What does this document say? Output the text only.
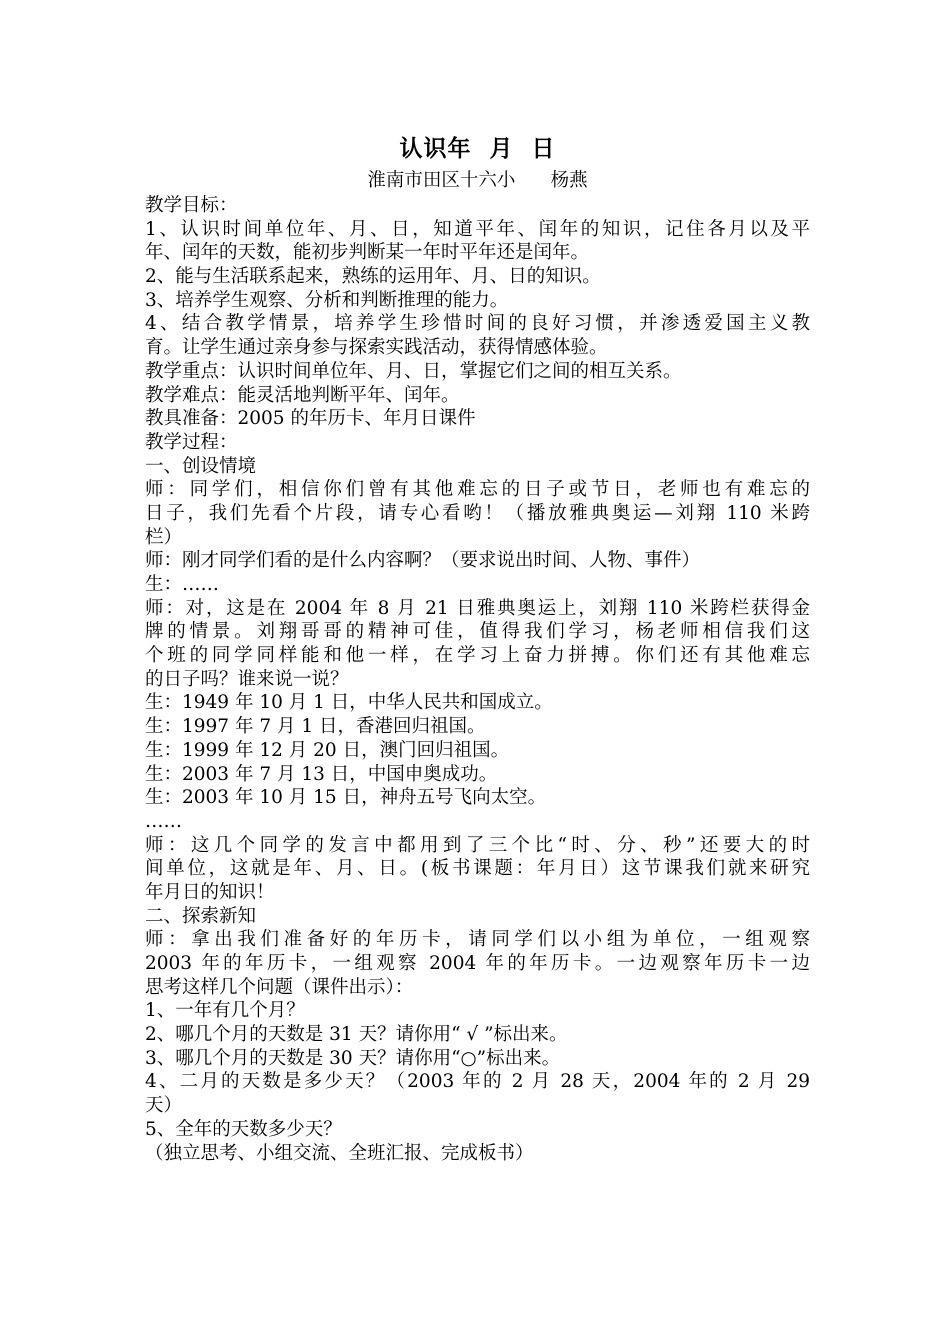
认识年  月  日
淮南市田区十六小      杨燕
教学目标：
1、认识时间单位年、月、日，知道平年、闰年的知识，记住各月以及平
年、闰年的天数，能初步判断某一年时平年还是闰年。
2、能与生活联系起来，熟练的运用年、月、日的知识。
3、培养学生观察、分析和判断推理的能力。
4、结合教学情景，培养学生珍惜时间的良好习惯，并渗透爱国主义教
育。让学生通过亲身参与探索实践活动，获得情感体验。
教学重点：认识时间单位年、月、日，掌握它们之间的相互关系。
教学难点：能灵活地判断平年、闰年。
教具准备：2005 的年历卡、年月日课件
教学过程：
一、创设情境
师：同学们，相信你们曾有其他难忘的日子或节日，老师也有难忘的
日子，我们先看个片段，请专心看哟！（播放雅典奥运—刘翔 110 米跨
栏）
师：刚才同学们看的是什么内容啊？（要求说出时间、人物、事件）
生：……
师：对，这是在 2004 年 8 月 21 日雅典奥运上，刘翔 110 米跨栏获得金
牌的情景。刘翔哥哥的精神可佳，值得我们学习，杨老师相信我们这
个班的同学同样能和他一样，在学习上奋力拼搏。你们还有其他难忘
的日子吗？谁来说一说？
生：1949 年 10 月 1 日，中华人民共和国成立。
生：1997 年 7 月 1 日，香港回归祖国。
生：1999 年 12 月 20 日，澳门回归祖国。
生：2003 年 7 月 13 日，中国申奥成功。
生：2003 年 10 月 15 日，神舟五号飞向太空。
……
师：这几个同学的发言中都用到了三个比“时、分、秒”还要大的时
间单位，这就是年、月、日。(板书课题：年月日）这节课我们就来研究
年月日的知识！
二、探索新知
师：拿出我们准备好的年历卡，请同学们以小组为单位，一组观察
2003 年的年历卡，一组观察 2004 年的年历卡。一边观察年历卡一边
思考这样几个问题（课件出示）：
1、一年有几个月？
2、哪几个月的天数是 31 天？请你用“ √ ”标出来。
3、哪几个月的天数是 30 天？请你用“○”标出来。
4、二月的天数是多少天？（2003 年的 2 月 28 天，2004 年的 2 月 29
天）
5、全年的天数多少天？
（独立思考、小组交流、全班汇报、完成板书）
